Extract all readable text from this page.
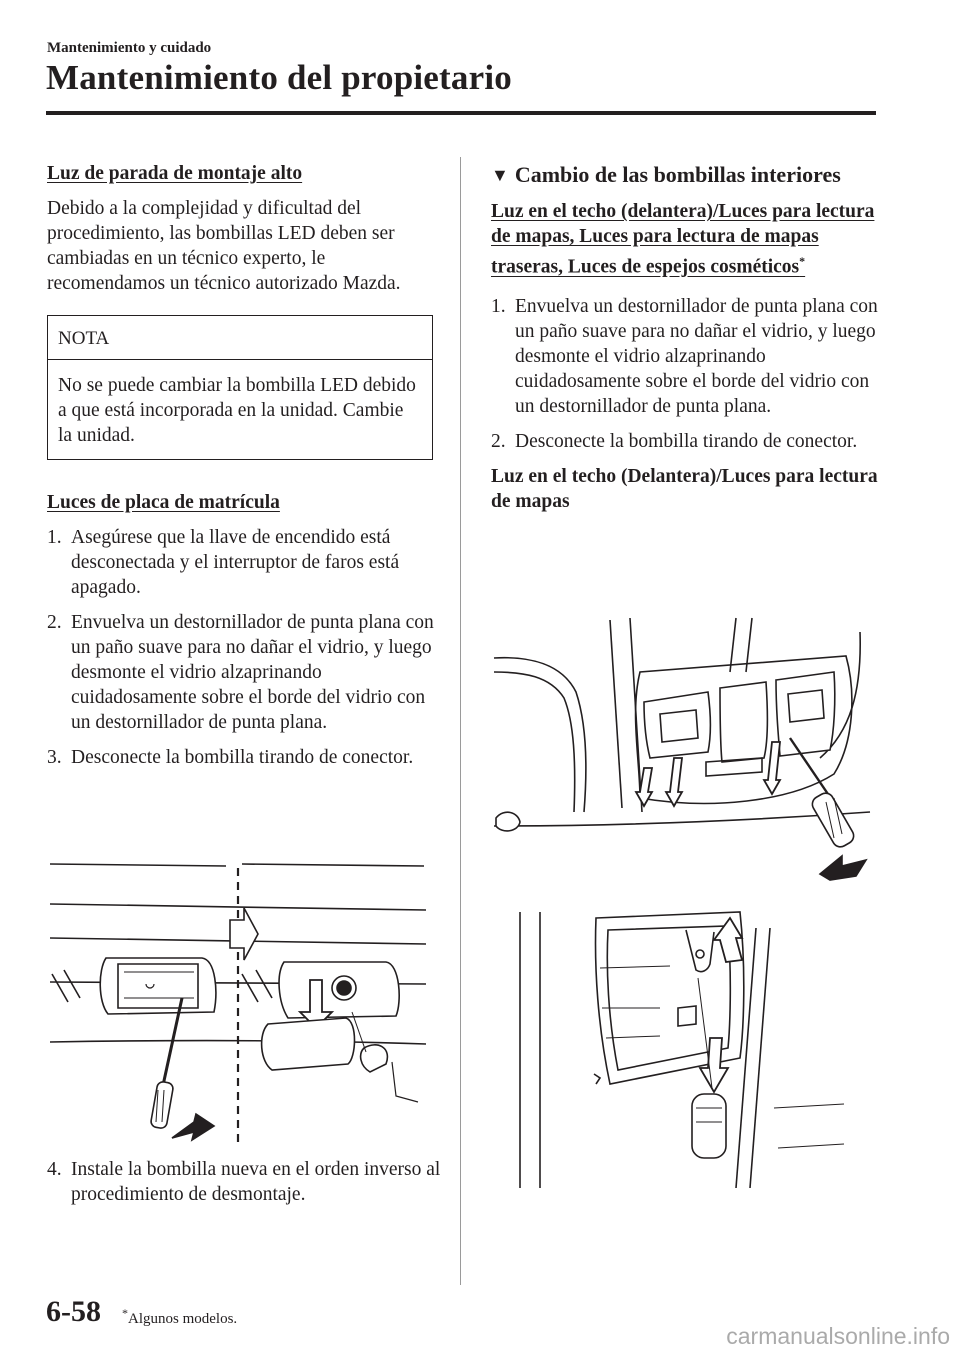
Mantenimiento y cuidado
Mantenimiento del propietario

Luz de parada de montaje alto

Debido a la complejidad y dificultad del procedimiento, las bombillas LED deben ser cambiadas en un técnico experto, le recomendamos un técnico autorizado Mazda.

NOTA
No se puede cambiar la bombilla LED debido a que está incorporada en la unidad. Cambie la unidad.

Luces de placa de matrícula

1. Asegúrese que la llave de encendido está desconectada y el interruptor de faros está apagado.
2. Envuelva un destornillador de punta plana con un paño suave para no dañar el vidrio, y luego desmonte el vidrio alzaprinando cuidadosamente sobre el borde del vidrio con un destornillador de punta plana.
3. Desconecte la bombilla tirando de conector.
4. Instale la bombilla nueva en el orden inverso al procedimiento de desmontaje.

▼ Cambio de las bombillas interiores

Luz en el techo (delantera)/Luces para lectura de mapas, Luces para lectura de mapas traseras, Luces de espejos cosméticos*

1. Envuelva un destornillador de punta plana con un paño suave para no dañar el vidrio, y luego desmonte el vidrio alzaprinando cuidadosamente sobre el borde del vidrio con un destornillador de punta plana.
2. Desconecte la bombilla tirando de conector.

Luz en el techo (Delantera)/Luces para lectura de mapas

6-58 *Algunos modelos.
carmanualsonline.info
